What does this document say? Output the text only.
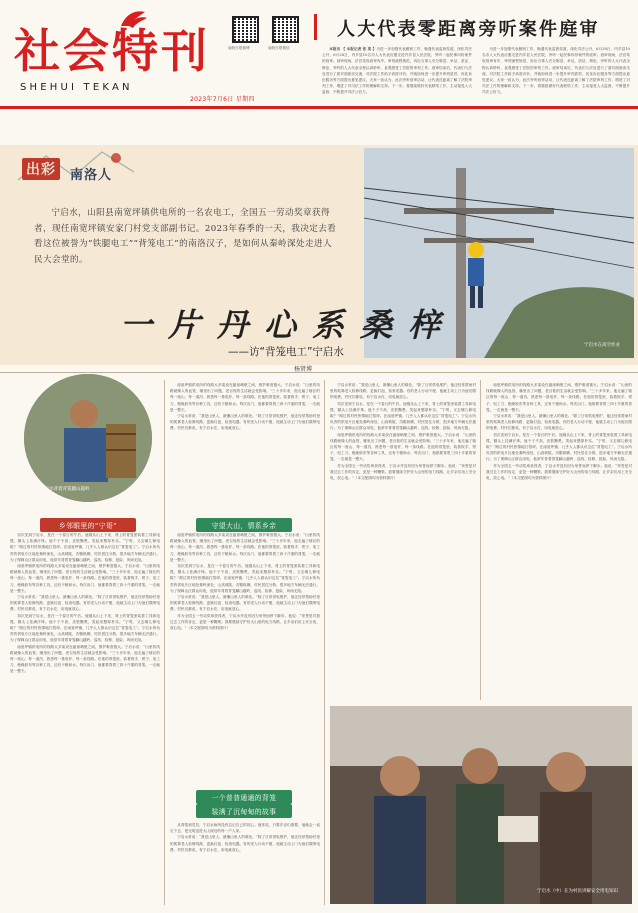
社会特刊
SHEHUI TEKAN
南阳日报微博	南阳日报微信
2023年7月6日 星期四
人大代表零距离旁听案件庭审

本报讯 【 本报记者 张 莫 】为进一步加强代表履职工作，畅通代表监督渠道，深化司法公开，6月28日，内乡县10名市人大代表应邀走进内乡县人民法院，旁听一起民事纠纷案件的庭审。庭审现场，法官驾驭庭审有序，审判流程规范，诉讼当事人充分陈述、举证、质证、辩论，旁听的人大代表全程认真聆听，直观感受了法院的审判工作。庭审结束后，代表们与法官进行了面对面座谈交流，对法院工作给予高度评价，并就如何进一步提升审判质效、优化诉讼服务等方面提出意见建议。大家一致认为，此次旁听庭审活动，让代表近距离了解了法院审判工作，增进了对司法工作的理解和支持。下一步，将继续做好代表联络工作，主动接受人大监督，不断提升司法公信力。

为进一步加强代表履职工作，畅通代表监督渠道，深化司法公开，6月28日，内乡县10名市人大代表应邀走进内乡县人民法院，旁听一起民事纠纷案件的庭审。庭审现场，法官驾驭庭审有序，审判流程规范，诉讼当事人充分陈述、举证、质证、辩论，旁听的人大代表全程认真聆听，直观感受了法院的审判工作。庭审结束后，代表们与法官进行了面对面座谈交流，对法院工作给予高度评价，并就如何进一步提升审判质效、优化诉讼服务等方面提出意见建议。大家一致认为，此次旁听庭审活动，让代表近距离了解了法院审判工作，增进了对司法工作的理解和支持。下一步，将继续做好代表联络工作，主动接受人大监督，不断提升司法公信力。

出彩	南洛人
宁启水，山阳县南宽坪镇供电所的一名农电工，全国五一劳动奖章获得者，现任南宽坪镇安家门村党支部副书记。2023年春季的一天，我决定去看看这位被誉为“铁腿电工”“背笼电工”的南洛汉子，是如何从秦岭深处走进人民大会堂的。
宁启水在高空作业
一片丹心系桑梓
——访“背笼电工”宁启水
杨贤博
宁启水背着背笼翻山越岭
乡邻眼里的“宁哥”

初次见到宁启水，是在一个春日的午后。他刚从山上下来，背上的背笼里装着工具和电缆，额头上挂满汗珠。他个子不高，皮肤黝黑，笑起来憨厚朴实。“宁哥，又去哪儿修电啦？”路过的村民热情地打招呼。在南宽坪镇，几乎人人都认识这位“背笼电工”。宁启水所负责的供电片区地处秦岭深处，山高坡陡，沟壑纵横，村民居住分散，很多地方车辆无法通行。为了保障山区群众用电，他常年背着背笼翻山越岭，巡线、检修、抢险，风雨无阻。

南宽坪镇供电所的线路大多架设在悬崖峭壁之间，维护难度极大。宁启水说：“山里的线路就像人的血管，哪里出了问题，老百姓的生活就会受影响。”三十多年来，他走遍了辖区的每一座山、每一道沟，熟悉每一基电杆、每一条线路。在他的背笼里，装着扳手、钳子、电工刀、绝缘胶布等各种工具，还有干粮和水。每次出门，他都要背着三四十斤重的背笼，一走就是一整天。

宁启水常说：“我是山里人，最懂山里人的难处。”除了日常供电维护，他还经常帮助村里的孤寡老人检修线路、更换灯泡、检查电器。有的老人行动不便，他就主动上门为他们缴纳电费。村民们都说，有宁启水在，用电就放心。

初次见到宁启水，是在一个春日的午后。他刚从山上下来，背上的背笼里装着工具和电缆，额头上挂满汗珠。他个子不高，皮肤黝黑，笑起来憨厚朴实。“宁哥，又去哪儿修电啦？”路过的村民热情地打招呼。在南宽坪镇，几乎人人都认识这位“背笼电工”。宁启水所负责的供电片区地处秦岭深处，山高坡陡，沟壑纵横，村民居住分散，很多地方车辆无法通行。为了保障山区群众用电，他常年背着背笼翻山越岭，巡线、检修、抢险，风雨无阻。

南宽坪镇供电所的线路大多架设在悬崖峭壁之间，维护难度极大。宁启水说：“山里的线路就像人的血管，哪里出了问题，老百姓的生活就会受影响。”三十多年来，他走遍了辖区的每一座山、每一道沟，熟悉每一基电杆、每一条线路。在他的背笼里，装着扳手、钳子、电工刀、绝缘胶布等各种工具，还有干粮和水。每次出门，他都要背着三四十斤重的背笼，一走就是一整天。

南宽坪镇供电所的线路大多架设在悬崖峭壁之间，维护难度极大。宁启水说：“山里的线路就像人的血管，哪里出了问题，老百姓的生活就会受影响。”三十多年来，他走遍了辖区的每一座山、每一道沟，熟悉每一基电杆、每一条线路。在他的背笼里，装着扳手、钳子、电工刀、绝缘胶布等各种工具，还有干粮和水。每次出门，他都要背着三四十斤重的背笼，一走就是一整天。

宁启水常说：“我是山里人，最懂山里人的难处。”除了日常供电维护，他还经常帮助村里的孤寡老人检修线路、更换灯泡、检查电器。有的老人行动不便，他就主动上门为他们缴纳电费。村民们都说，有宁启水在，用电就放心。

守望大山，情系乡亲

南宽坪镇供电所的线路大多架设在悬崖峭壁之间，维护难度极大。宁启水说：“山里的线路就像人的血管，哪里出了问题，老百姓的生活就会受影响。”三十多年来，他走遍了辖区的每一座山、每一道沟，熟悉每一基电杆、每一条线路。在他的背笼里，装着扳手、钳子、电工刀、绝缘胶布等各种工具，还有干粮和水。每次出门，他都要背着三四十斤重的背笼，一走就是一整天。

初次见到宁启水，是在一个春日的午后。他刚从山上下来，背上的背笼里装着工具和电缆，额头上挂满汗珠。他个子不高，皮肤黝黑，笑起来憨厚朴实。“宁哥，又去哪儿修电啦？”路过的村民热情地打招呼。在南宽坪镇，几乎人人都认识这位“背笼电工”。宁启水所负责的供电片区地处秦岭深处，山高坡陡，沟壑纵横，村民居住分散，很多地方车辆无法通行。为了保障山区群众用电，他常年背着背笼翻山越岭，巡线、检修、抢险，风雨无阻。

宁启水常说：“我是山里人，最懂山里人的难处。”除了日常供电维护，他还经常帮助村里的孤寡老人检修线路、更换灯泡、检查电器。有的老人行动不便，他就主动上门为他们缴纳电费。村民们都说，有宁启水在，用电就放心。

作为全国五一劳动奖章获得者，宁启水并没有因为荣誉而停下脚步。他说：“荣誉是对我过去工作的肯定，更是一种鞭策。我要继续守护好大山里的电力线路，让乡亲们用上安全电、放心电。”（本文配图均为资料图片）

一个普普通通的背笼
装满了沉甸甸的故事

从背笼到党员，宁启水始终没有忘记自己的初心。他常说，只要乡亲们需要，他就会一直走下去，把光明送进大山深处的每一户人家。

宁启水常说：“我是山里人，最懂山里人的难处。”除了日常供电维护，他还经常帮助村里的孤寡老人检修线路、更换灯泡、检查电器。有的老人行动不便，他就主动上门为他们缴纳电费。村民们都说，有宁启水在，用电就放心。

宁启水常说：“我是山里人，最懂山里人的难处。”除了日常供电维护，他还经常帮助村里的孤寡老人检修线路、更换灯泡、检查电器。有的老人行动不便，他就主动上门为他们缴纳电费。村民们都说，有宁启水在，用电就放心。

初次见到宁启水，是在一个春日的午后。他刚从山上下来，背上的背笼里装着工具和电缆，额头上挂满汗珠。他个子不高，皮肤黝黑，笑起来憨厚朴实。“宁哥，又去哪儿修电啦？”路过的村民热情地打招呼。在南宽坪镇，几乎人人都认识这位“背笼电工”。宁启水所负责的供电片区地处秦岭深处，山高坡陡，沟壑纵横，村民居住分散，很多地方车辆无法通行。为了保障山区群众用电，他常年背着背笼翻山越岭，巡线、检修、抢险，风雨无阻。

南宽坪镇供电所的线路大多架设在悬崖峭壁之间，维护难度极大。宁启水说：“山里的线路就像人的血管，哪里出了问题，老百姓的生活就会受影响。”三十多年来，他走遍了辖区的每一座山、每一道沟，熟悉每一基电杆、每一条线路。在他的背笼里，装着扳手、钳子、电工刀、绝缘胶布等各种工具，还有干粮和水。每次出门，他都要背着三四十斤重的背笼，一走就是一整天。

作为全国五一劳动奖章获得者，宁启水并没有因为荣誉而停下脚步。他说：“荣誉是对我过去工作的肯定，更是一种鞭策。我要继续守护好大山里的电力线路，让乡亲们用上安全电、放心电。”（本文配图均为资料图片）

南宽坪镇供电所的线路大多架设在悬崖峭壁之间，维护难度极大。宁启水说：“山里的线路就像人的血管，哪里出了问题，老百姓的生活就会受影响。”三十多年来，他走遍了辖区的每一座山、每一道沟，熟悉每一基电杆、每一条线路。在他的背笼里，装着扳手、钳子、电工刀、绝缘胶布等各种工具，还有干粮和水。每次出门，他都要背着三四十斤重的背笼，一走就是一整天。

宁启水常说：“我是山里人，最懂山里人的难处。”除了日常供电维护，他还经常帮助村里的孤寡老人检修线路、更换灯泡、检查电器。有的老人行动不便，他就主动上门为他们缴纳电费。村民们都说，有宁启水在，用电就放心。

初次见到宁启水，是在一个春日的午后。他刚从山上下来，背上的背笼里装着工具和电缆，额头上挂满汗珠。他个子不高，皮肤黝黑，笑起来憨厚朴实。“宁哥，又去哪儿修电啦？”路过的村民热情地打招呼。在南宽坪镇，几乎人人都认识这位“背笼电工”。宁启水所负责的供电片区地处秦岭深处，山高坡陡，沟壑纵横，村民居住分散，很多地方车辆无法通行。为了保障山区群众用电，他常年背着背笼翻山越岭，巡线、检修、抢险，风雨无阻。

作为全国五一劳动奖章获得者，宁启水并没有因为荣誉而停下脚步。他说：“荣誉是对我过去工作的肯定，更是一种鞭策。我要继续守护好大山里的电力线路，让乡亲们用上安全电、放心电。”（本文配图均为资料图片）

宁启水（中）在为村民讲解安全用电知识
